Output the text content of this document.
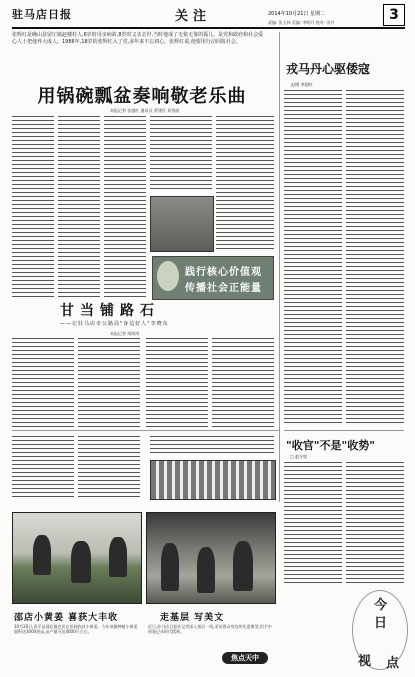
驻马店日报	关注	2014年10月21日 星期二
责编: 张玉林 美编: 李明月 校对: 田丹	3
张辉红是确山县留庄镇赵楼村人,6岁时母亲病故,8岁时父亲去世,当时他成了无依无靠的孤儿。是党和政府和社会爱心人士把他养大成人。1986年,18岁的张辉红入了党,多年来不忘初心。张辉红说,他要用行动回报社会。
用锅碗瓢盆奏响敬老乐曲
本报记者 张越红 通讯员 贾建民 刘秀丽
践行核心价值观
传播社会正能量
甘当铺路石
——记驻马店市公路局"身边好人"李晓东
本报记者 周海涛
戎马丹心驱倭寇
文/图 李国红
"收官"不是"收势"
□ 赵万里
邵店小黄姜 喜获大丰收
10月20日,西平县邵店镇农民在田间收获小黄姜。今年该镇种植小黄姜面积达3000余亩,亩产量可达4000斤左右。
走基层 写美文
近日,驻马店日报社记者深入基层一线,采访群众身边的先进典型,用手中的笔记录时代精神。
焦点天中
今
日
视 点
